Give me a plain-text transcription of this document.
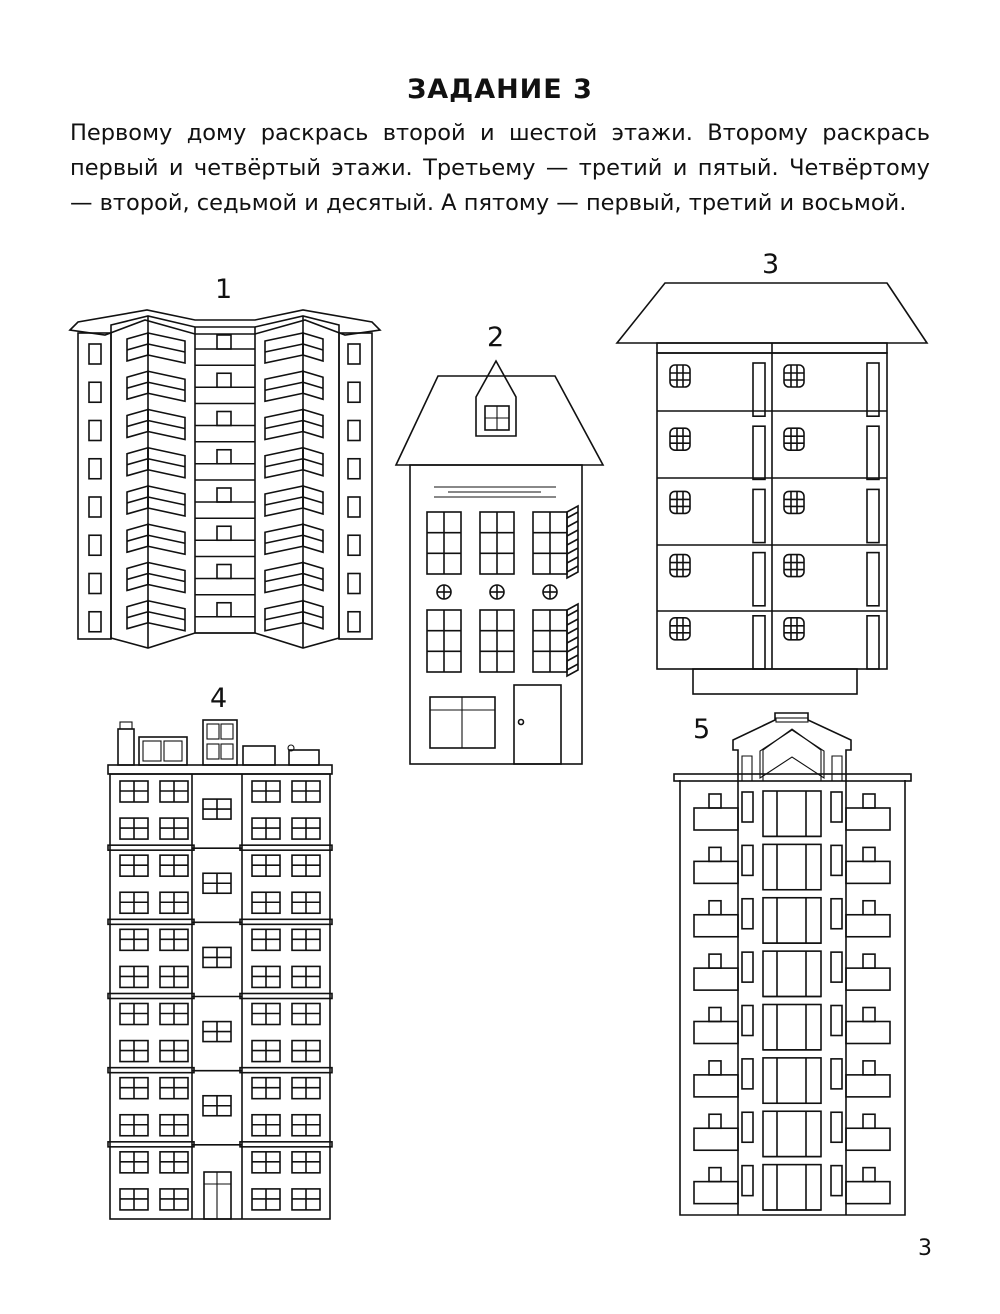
ЗАДАНИЕ 3

Первому дому раскрась второй и шестой этажи. Второму раскрась первый и четвёртый этажи. Третьему — третий и пятый. Четвёртому — второй, седьмой и десятый. А пятому — первый, третий и восьмой.

1
2
3
4
5
3
